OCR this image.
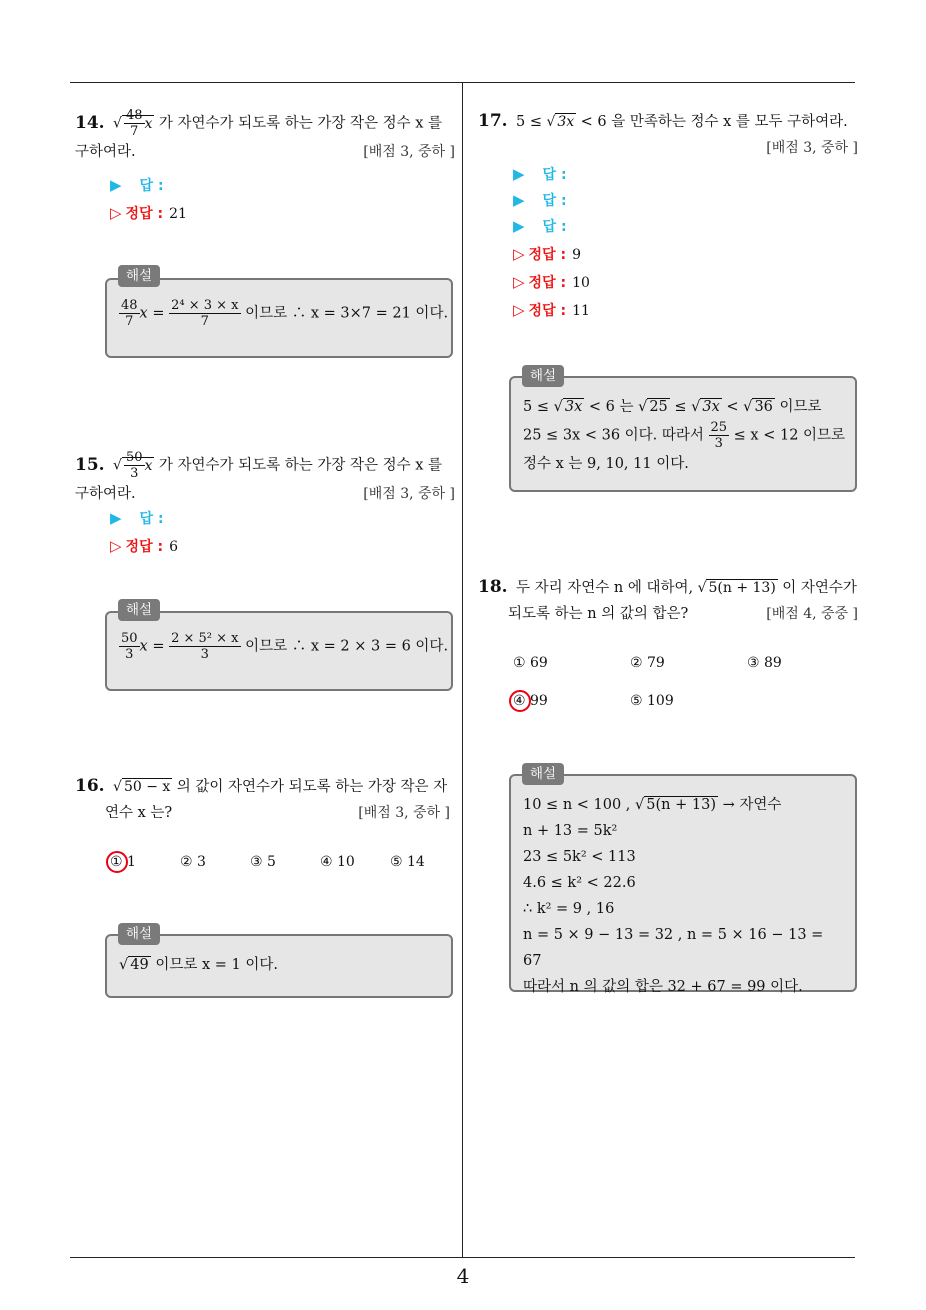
4
14. √ $\frac{48}{7}$ x 가 자연수가 되도록 하는 가장 작은 정수 x 를
구하여라.	[배점 3, 중하 ]
▶ 답 :
▷ 정답 : 21
$\frac{48}{7}$ $x = \frac{\text{2⁴ × 3 × x}}{7}$ 이므로 ∴ x = 3×7 = 21 이다.
해설
15. √ $\frac{50}{3}$ x 가 자연수가 되도록 하는 가장 작은 정수 x 를
구하여라.	[배점 3, 중하 ]
▶ 답 :
▷ 정답 : 6
$\frac{50}{3}$ $x = \frac{\text{2 × 5² × x}}{3}$ 이므로 ∴ x = 2 × 3 = 6 이다.
해설
16. √ 50 − x 의 값이 자연수가 되도록 하는 가장 작은 자
연수 x 는?	[배점 3, 중하 ]
① 1	② 3	③ 5	④ 10	⑤ 14
√ 49 이므로 x = 1 이다.
해설
17. 5 ≤ √ 3x < 6 을 만족하는 정수 x 를 모두 구하여라.
[배점 3, 중하 ]
▶ 답 :
▶ 답 :
▶ 답 :
▷ 정답 : 9
▷ 정답 : 10
▷ 정답 : 11
5 ≤ √ 3x < 6 는 √ 25 ≤ √ 3x < √ 36 이므로
25 ≤ 3x < 36 이다. 따라서 $\frac{25}{3} \le x < 12$ 이므로
정수 x 는 9, 10, 11 이다.
해설
18. 두 자리 자연수 n 에 대하여, √ 5(n + 13) 이 자연수가
되도록 하는 n 의 값의 합은?	[배점 4, 중중 ]
① 69	② 79	③ 89
④ 99	⑤ 109
10 ≤ n < 100 , √ 5(n + 13) → 자연수
n + 13 = 5k²
23 ≤ 5k² < 113
4.6 ≤ k² < 22.6
∴ k² = 9 , 16
n = 5 × 9 − 13 = 32 , n = 5 × 16 − 13 = 67
따라서 n 의 값의 합은 32 + 67 = 99 이다.
해설
